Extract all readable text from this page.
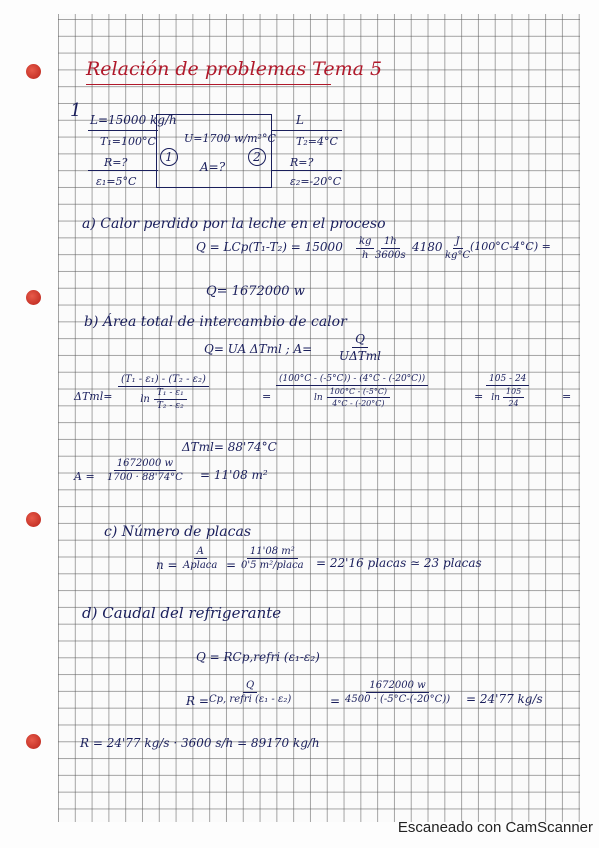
Relación de problemas Tema 5
1 L=15000 kg/h
T₁=100°C
R=?
ε₁=5°C
1	2
U=1700 w/m²°C
A=?
L
T₂=4°C
R=?
ε₂=-20°C
a) Calor perdido por la leche en el proceso
$Q = LCp(T_1-T_2) = 15000 \frac{kg}{h}$
$\frac{1h}{3600s} 4180 \frac{J}{kg^\circ C}$
(100°C-4°C) =
Q= 1672000 w
b) Área total de intercambio de calor
Q= UA ΔTml ; A=
Q
UΔTml
$\Delta Tml= \frac{\text{(T₁ - ε₁) - (T₂ - ε₂)}}{\ln \frac{\text{T₁ - ε₁}}{\text{T₂ - ε₂}}}$	= $\frac{(100^\circ C - (-5^\circ C)) - (4^\circ C - (-20^\circ C))}{\ln \frac{100^\circ C - (-5^\circ C)}{4^\circ C - (-20^\circ C)}}$	= $\frac{105 - 24}{\ln \frac{105}{24}}$	=
ΔTml= 88'74°C
$A = \frac{1672000 w}{1700 \cdot 88'74^\circ C} = 11'08$ m²
c) Número de placas
n =
A
Aplaca =
11'08 m²
0'5 m²/placa = 22'16 placas ≃ 23 placas
d) Caudal del refrigerante
Q = RCp,refri (ε₁-ε₂)
R =
Q
Cp, refri (ε₁ - ε₂)	= $\frac{1672000 w}{4500 \cdot (-5^\circ C-(-20^\circ C))} = 24'77$ kg/s
R = 24'77 kg/s · 3600 s/h = 89170 kg/h
Escaneado con CamScanner
